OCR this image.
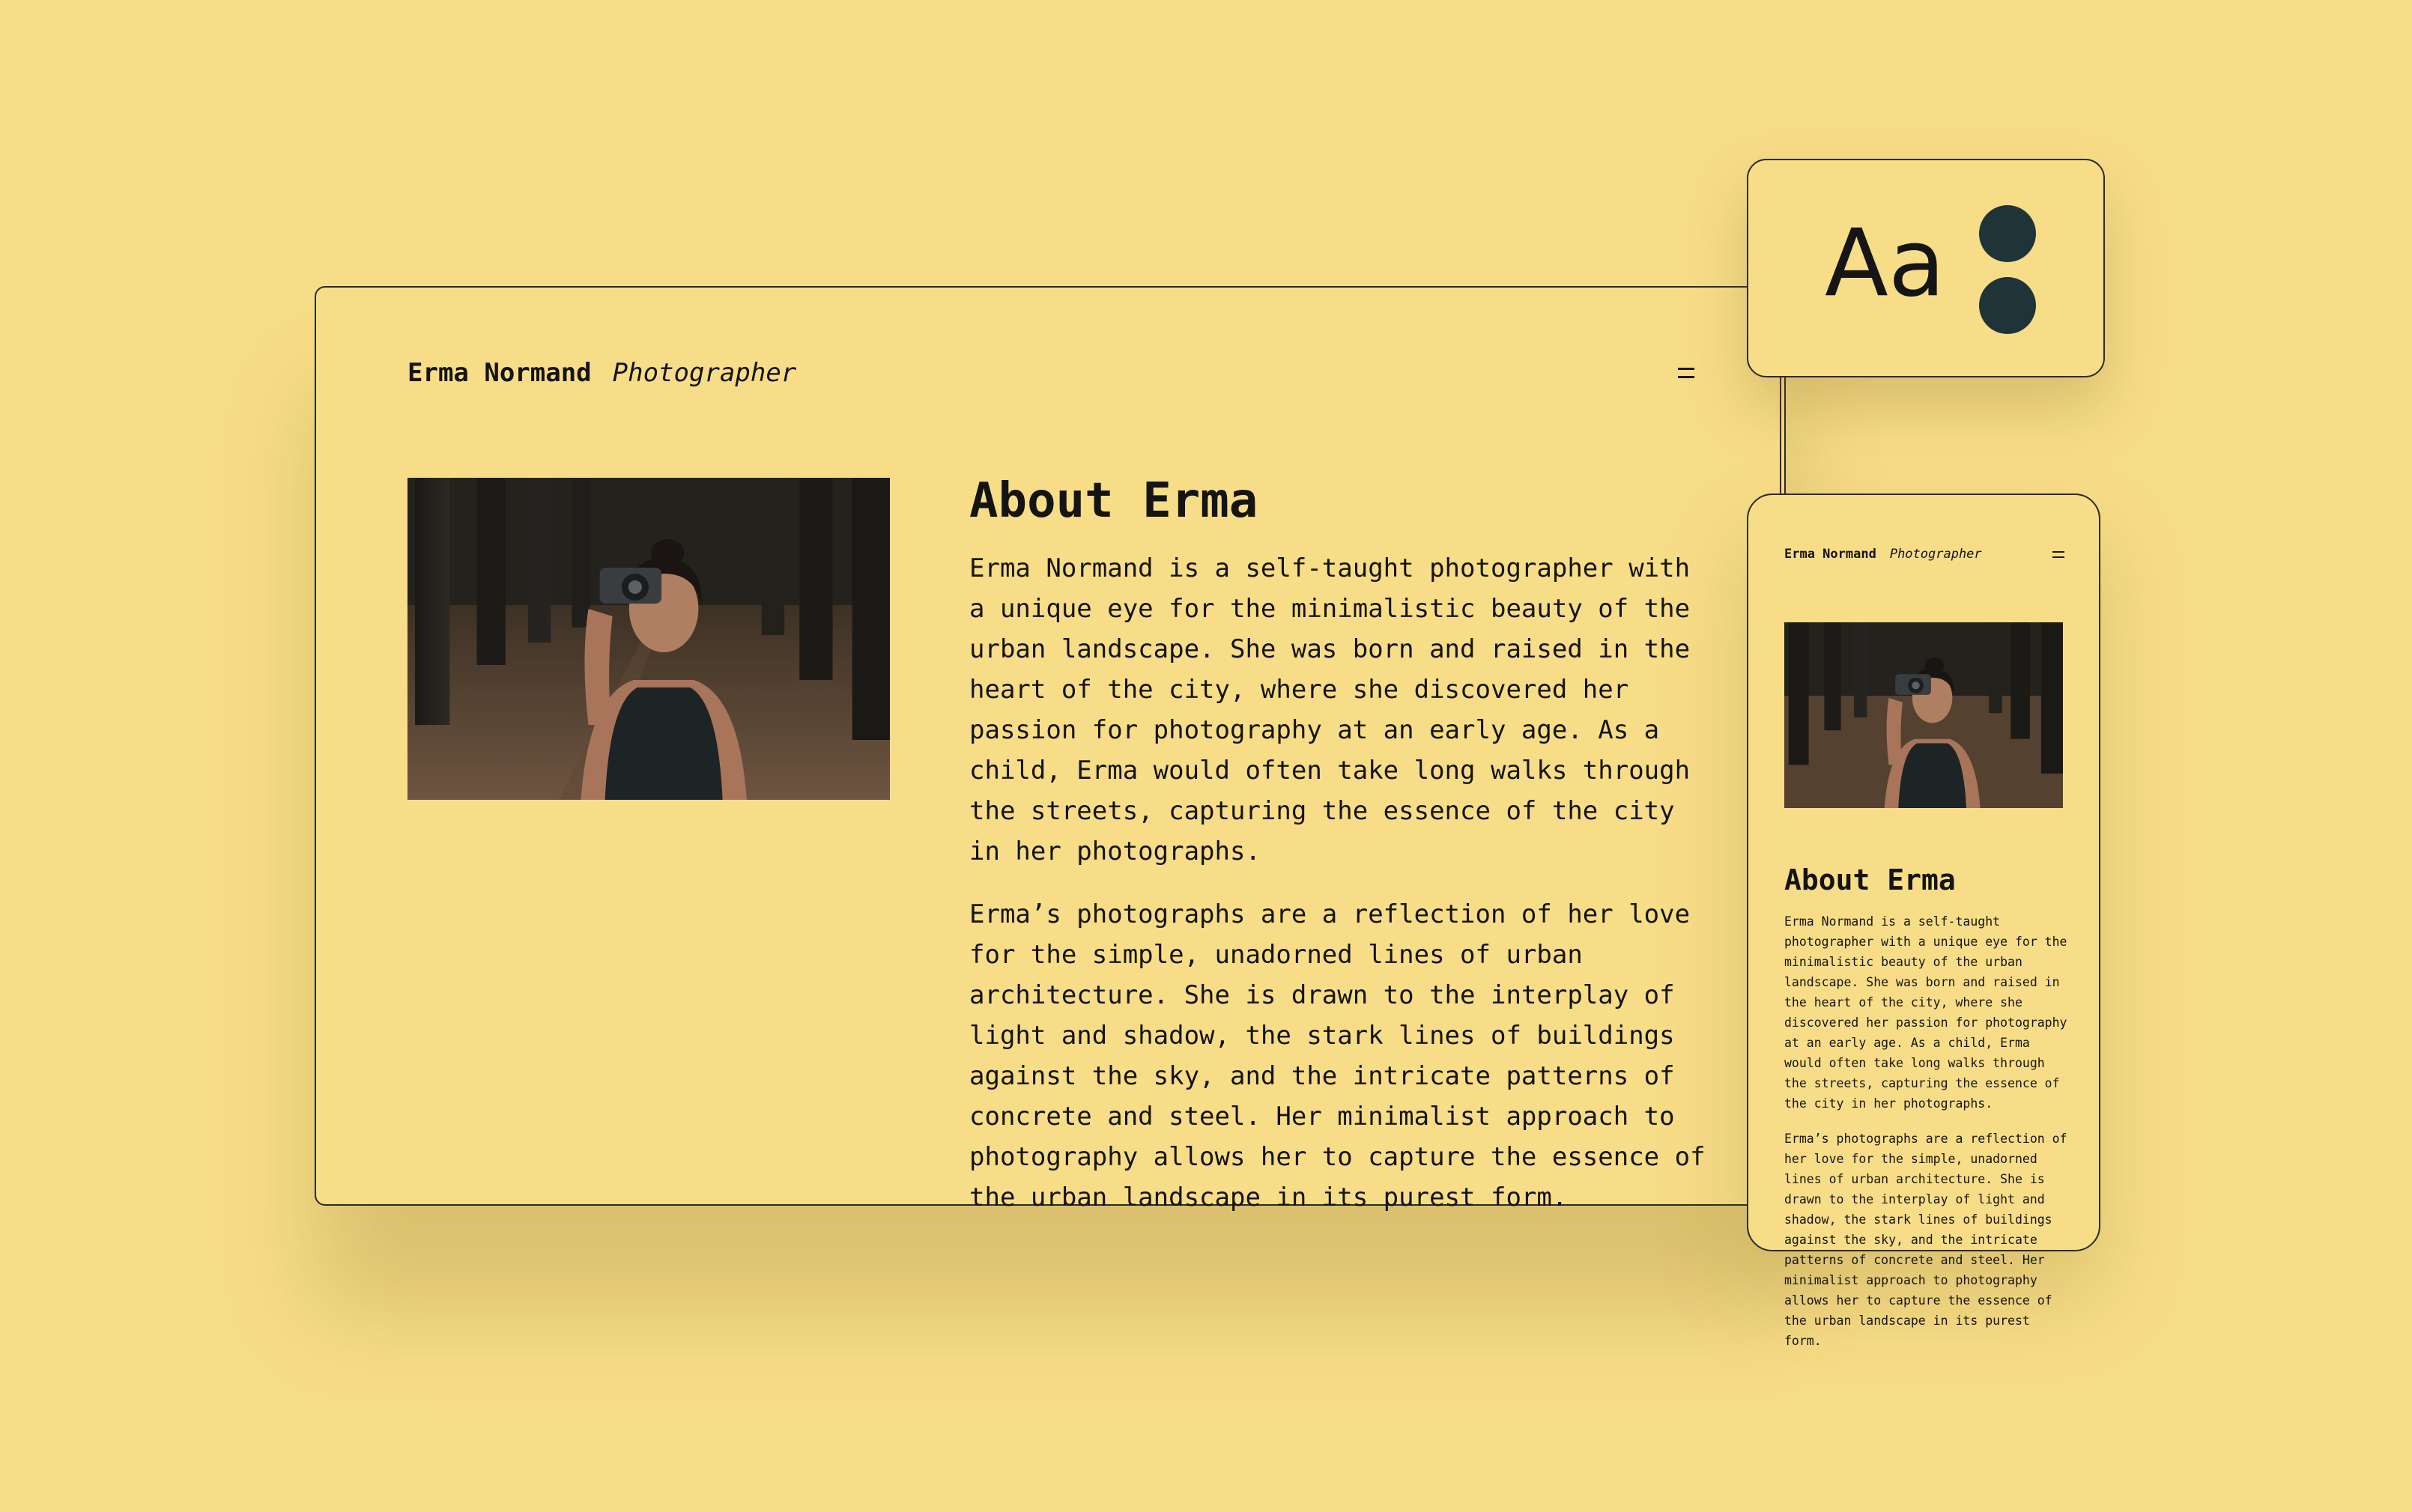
Erma Normand Photographer
About Erma

Erma Normand is a self-taught photographer with a unique eye for the minimalistic beauty of the urban landscape. She was born and raised in the heart of the city, where she discovered her passion for photography at an early age. As a child, Erma would often take long walks through the streets, capturing the essence of the city in her photographs.

Erma’s photographs are a reflection of her love for the simple, unadorned lines of urban architecture. She is drawn to the interplay of light and shadow, the stark lines of buildings against the sky, and the intricate patterns of concrete and steel. Her minimalist approach to photography allows her to capture the essence of the urban landscape in its purest form.

Aa
Erma Normand Photographer
About Erma

Erma Normand is a self-taught photographer with a unique eye for the minimalistic beauty of the urban landscape. She was born and raised in the heart of the city, where she discovered her passion for photography at an early age. As a child, Erma would often take long walks through the streets, capturing the essence of the city in her photographs.

Erma’s photographs are a reflection of her love for the simple, unadorned lines of urban architecture. She is drawn to the interplay of light and shadow, the stark lines of buildings against the sky, and the intricate patterns of concrete and steel. Her minimalist approach to photography allows her to capture the essence of the urban landscape in its purest form.
